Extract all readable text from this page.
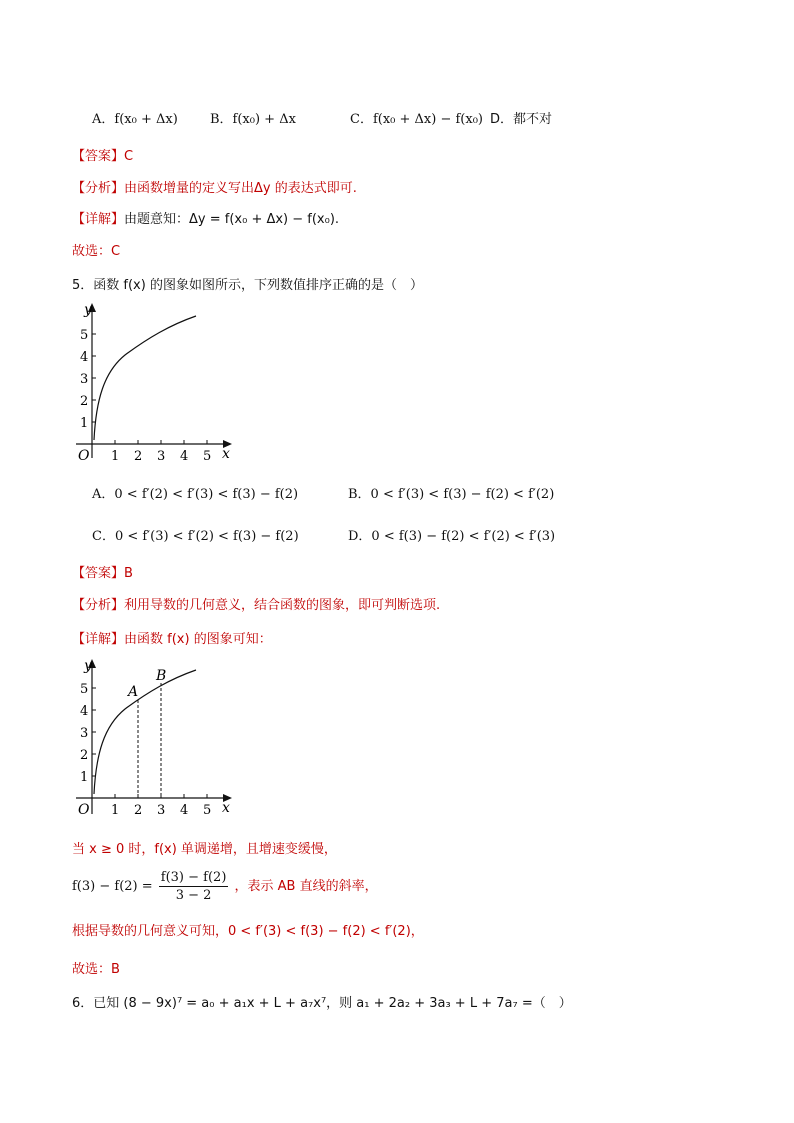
A．f(x₀ + Δx) B．f(x₀) + Δx	C．f(x₀ + Δx) − f(x₀) D．都不对
【答案】C
【分析】由函数增量的定义写出Δy 的表达式即可.
【详解】由题意知：Δy = f(x₀ + Δx) − f(x₀).
故选：C
5．函数 f(x) 的图象如图所示，下列数值排序正确的是（　）
y
x
O 1 2 3 4 5
1
2
3
4
5
A．0 < f′(2) < f′(3) < f(3) − f(2)	B．0 < f′(3) < f(3) − f(2) < f′(2)
C．0 < f′(3) < f′(2) < f(3) − f(2)	D．0 < f(3) − f(2) < f′(2) < f′(3)
【答案】B
【分析】利用导数的几何意义，结合函数的图象，即可判断选项.
【详解】由函数 f(x) 的图象可知：
A
B
y
x
O 1 2 3 4 5
1
2
3
4
5
当 x ≥ 0 时，f(x) 单调递增，且增速变缓慢，
$f(3) - f(2) = \frac{f(3) - f(2)}{3 - 2}$ ，表示 AB 直线的斜率，
根据导数的几何意义可知，0 < f′(3) < f(3) − f(2) < f′(2)，
故选：B
6．已知 (8 − 9x)⁷ = a₀ + a₁x + L + a₇x⁷，则 a₁ + 2a₂ + 3a₃ + L + 7a₇ =（　）
